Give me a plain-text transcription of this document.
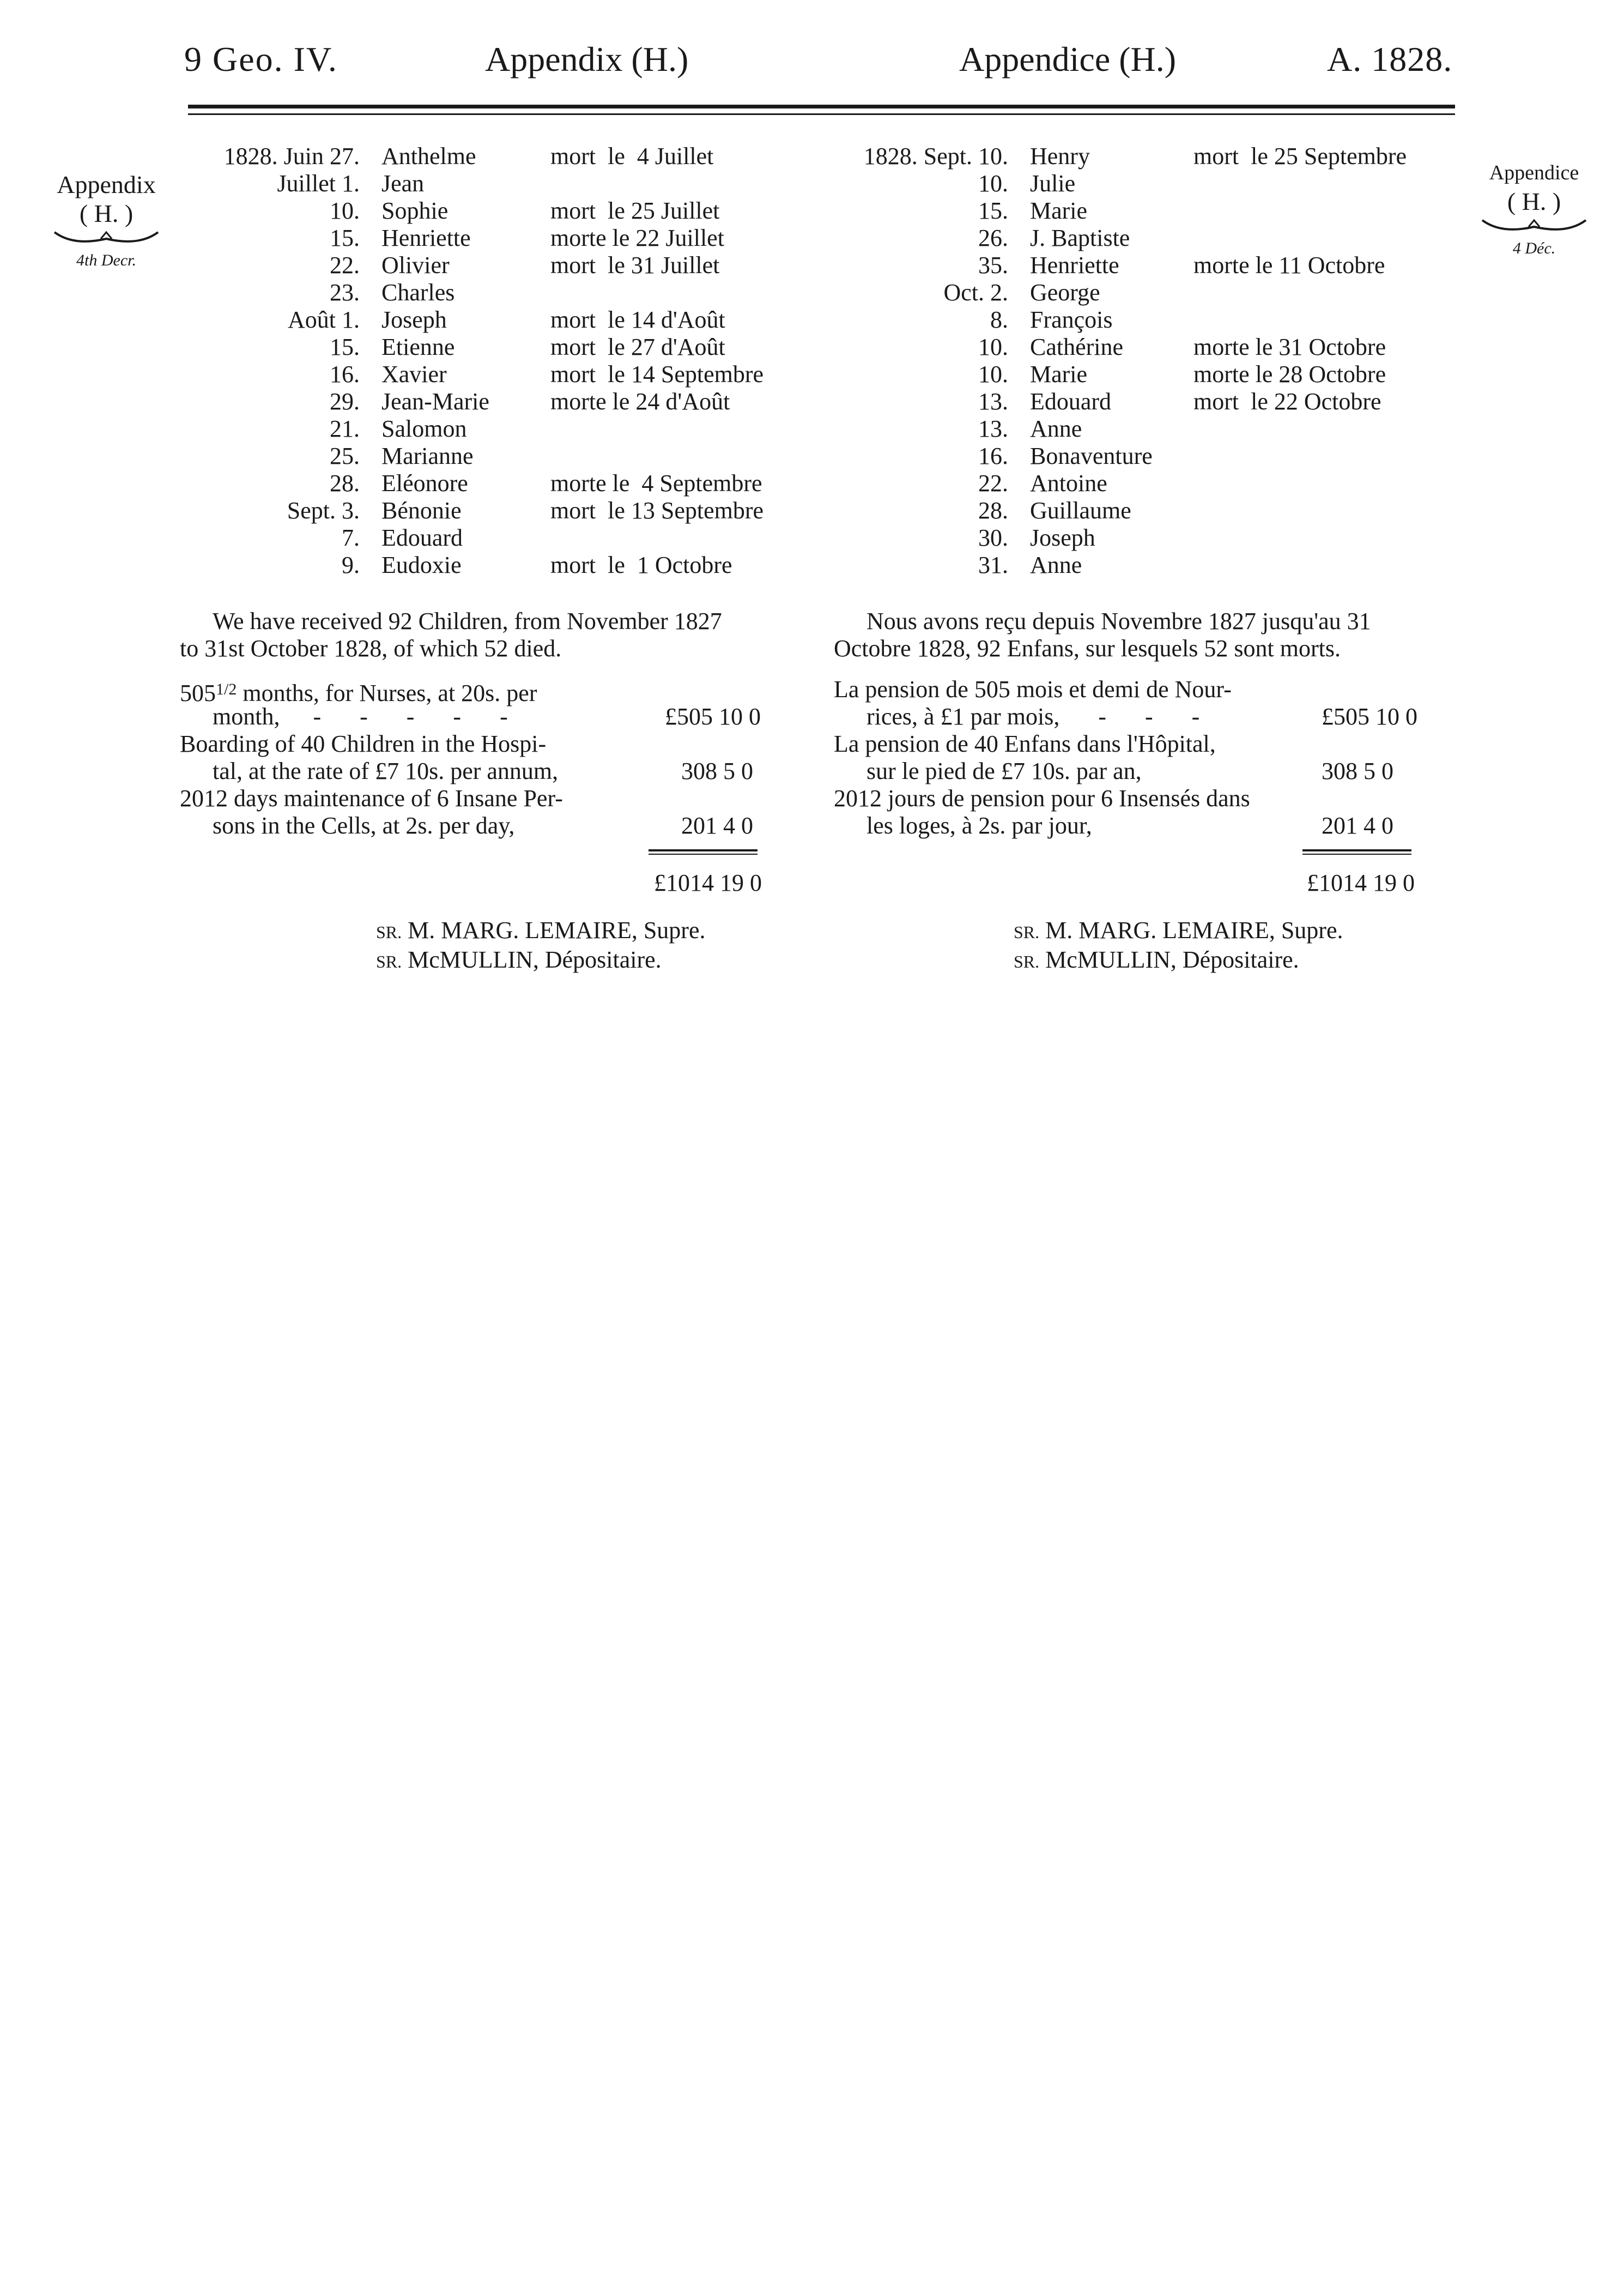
9 Geo. IV.	Appendix (H.)	Appendice (H.)	A. 1828.
Appendix
( H. )
4th Decr.
Appendice
( H. )
4 Déc.
1828. Juin 27. Anthelme	mort  le  4 Juillet
Juillet 1. Jean
10. Sophie	mort  le 25 Juillet
15. Henriette	morte le 22 Juillet
22. Olivier	mort  le 31 Juillet
23. Charles
Août 1. Joseph	mort  le 14 d'Août
15. Etienne	mort  le 27 d'Août
16. Xavier	mort  le 14 Septembre
29. Jean-Marie	morte le 24 d'Août
21. Salomon
25. Marianne
28. Eléonore	morte le  4 Septembre
Sept. 3. Bénonie	mort  le 13 Septembre
7. Edouard
9. Eudoxie	mort  le  1 Octobre
1828. Sept. 10. Henry	mort  le 25 Septembre
10. Julie
15. Marie
26. J. Baptiste
35. Henriette	morte le 11 Octobre
Oct. 2. George
8. François
10. Cathérine	morte le 31 Octobre
10. Marie	morte le 28 Octobre
13. Edouard	mort  le 22 Octobre
13. Anne
16. Bonaventure
22. Antoine
28. Guillaume
30. Joseph
31. Anne
We have received 92 Children, from November 1827
to 31st October 1828, of which 52 died.
Nous avons reçu depuis Novembre 1827 jusqu'au 31
Octobre 1828, 92 Enfans, sur lesquels 52 sont morts.
$505^{1/2}$ months, for Nurses, at 20s. per
month, - - - - -	£505 10 0
Boarding of 40 Children in the Hospi-
tal, at the rate of £7 10s. per annum,	308 5 0
2012 days maintenance of 6 Insane Per-
sons in the Cells, at 2s. per day,	201 4 0
£1014 19 0
La pension de 505 mois et demi de Nour-
rices, à £1 par mois, - - -	£505 10 0
La pension de 40 Enfans dans l'Hôpital,
sur le pied de £7 10s. par an,	308 5 0
2012 jours de pension pour 6 Insensés dans
les loges, à 2s. par jour,	201 4 0
£1014 19 0
SR. M. MARG. LEMAIRE, Supre.
SR. McMULLIN, Dépositaire.
SR. M. MARG. LEMAIRE, Supre.
SR. McMULLIN, Dépositaire.
